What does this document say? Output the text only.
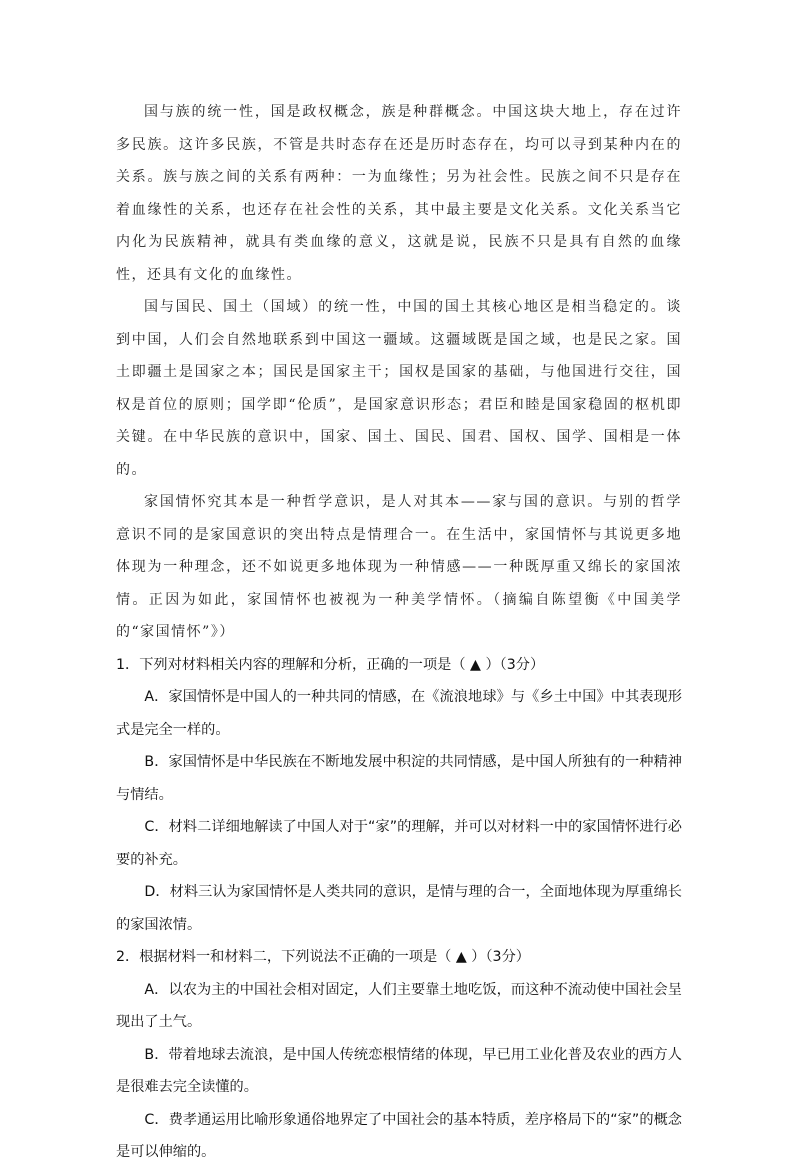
国与族的统一性，国是政权概念，族是种群概念。中国这块大地上，存在过许多民族。这许多民族，不管是共时态存在还是历时态存在，均可以寻到某种内在的关系。族与族之间的关系有两种：一为血缘性；另为社会性。民族之间不只是存在着血缘性的关系，也还存在社会性的关系，其中最主要是文化关系。文化关系当它内化为民族精神，就具有类血缘的意义，这就是说，民族不只是具有自然的血缘性，还具有文化的血缘性。

国与国民、国土（国域）的统一性，中国的国土其核心地区是相当稳定的。谈到中国，人们会自然地联系到中国这一疆域。这疆域既是国之域，也是民之家。国土即疆土是国家之本；国民是国家主干；国权是国家的基础，与他国进行交往，国权是首位的原则；国学即“伦质”，是国家意识形态；君臣和睦是国家稳固的枢机即关键。在中华民族的意识中，国家、国土、国民、国君、国权、国学、国相是一体的。

家国情怀究其本是一种哲学意识，是人对其本——家与国的意识。与别的哲学意识不同的是家国意识的突出特点是情理合一。在生活中，家国情怀与其说更多地体现为一种理念，还不如说更多地体现为一种情感——一种既厚重又绵长的家国浓情。正因为如此，家国情怀也被视为一种美学情怀。（摘编自陈望衡《中国美学的“家国情怀”》）

1．下列对材料相关内容的理解和分析，正确的一项是（ ▲ ）（3分）

A．家国情怀是中国人的一种共同的情感，在《流浪地球》与《乡土中国》中其表现形式是完全一样的。

B．家国情怀是中华民族在不断地发展中积淀的共同情感，是中国人所独有的一种精神与情结。

C．材料二详细地解读了中国人对于“家”的理解，并可以对材料一中的家国情怀进行必要的补充。

D．材料三认为家国情怀是人类共同的意识，是情与理的合一，全面地体现为厚重绵长的家国浓情。

2．根据材料一和材料二，下列说法不正确的一项是（ ▲ ）（3分）

A．以农为主的中国社会相对固定，人们主要靠土地吃饭，而这种不流动使中国社会呈现出了土气。

B．带着地球去流浪，是中国人传统恋根情绪的体现，早已用工业化普及农业的西方人是很难去完全读懂的。

C．费孝通运用比喻形象通俗地界定了中国社会的基本特质，差序格局下的“家”的概念是可以伸缩的。
